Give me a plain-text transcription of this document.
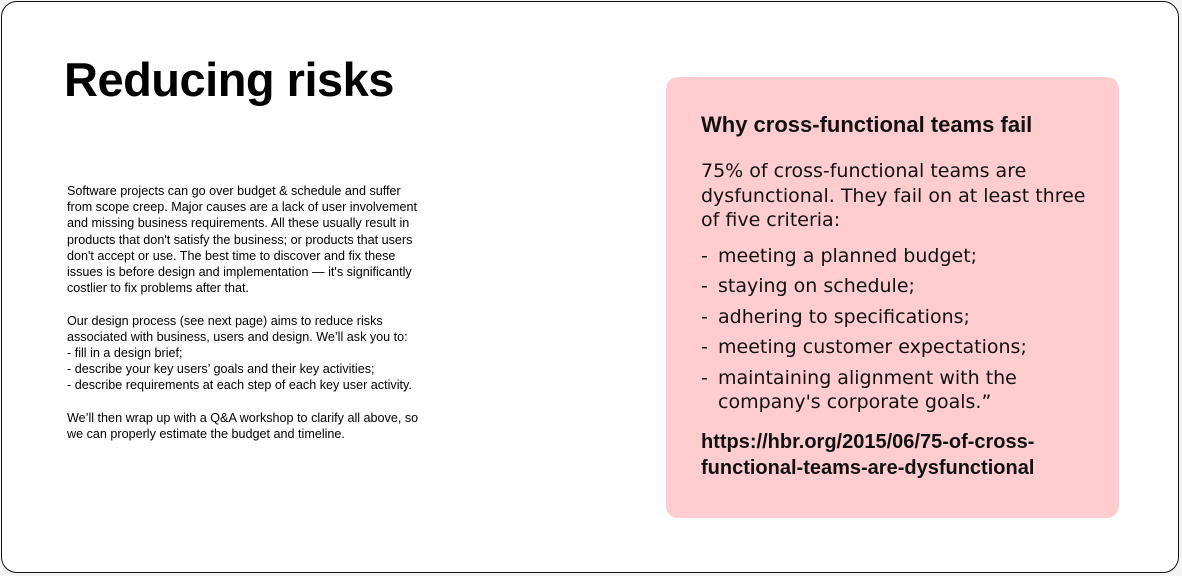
Reducing risks

Software projects can go over budget & schedule and suffer

from scope creep. Major causes are a lack of user involvement

and missing business requirements. All these usually result in

products that don't satisfy the business; or products that users

don't accept or use. The best time to discover and fix these

issues is before design and implementation — it's significantly

costlier to fix problems after that.

Our design process (see next page) aims to reduce risks

associated with business, users and design. We’ll ask you to:

- fill in a design brief;

- describe your key users’ goals and their key activities;

- describe requirements at each step of each key user activity.

We’ll then wrap up with a Q&A workshop to clarify all above, so

we can properly estimate the budget and timeline.

Why cross-functional teams fail

75% of cross-functional teams are dysfunctional. They fail on at least three of five criteria:

- meeting a planned budget;
- staying on schedule;
- adhering to specifications;
- meeting customer expectations;
- maintaining alignment with the company's corporate goals.”
https://hbr.org/2015/06/75-of-cross-functional-teams-are-dysfunctional
